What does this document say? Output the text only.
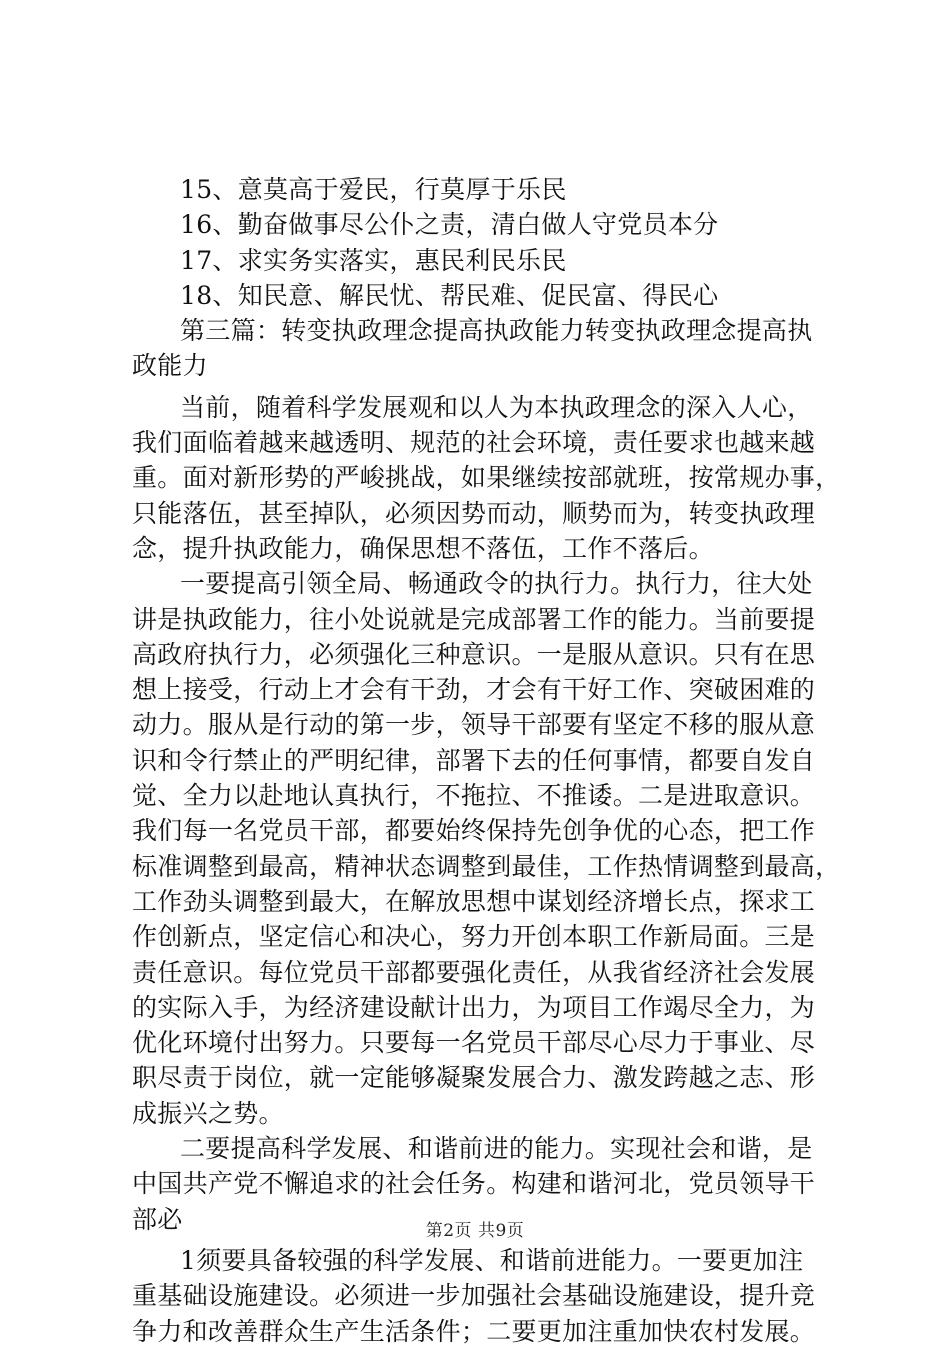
15、意莫高于爱民，行莫厚于乐民
16、勤奋做事尽公仆之责，清白做人守党员本分
17、求实务实落实，惠民利民乐民
18、知民意、解民忧、帮民难、促民富、得民心
第三篇：转变执政理念提高执政能力转变执政理念提高执
政能力
当前，随着科学发展观和以人为本执政理念的深入人心，
我们面临着越来越透明、规范的社会环境，责任要求也越来越
重。面对新形势的严峻挑战，如果继续按部就班，按常规办事，
只能落伍，甚至掉队，必须因势而动，顺势而为，转变执政理
念，提升执政能力，确保思想不落伍，工作不落后。
一要提高引领全局、畅通政令的执行力。执行力，往大处
讲是执政能力，往小处说就是完成部署工作的能力。当前要提
高政府执行力，必须强化三种意识。一是服从意识。只有在思
想上接受，行动上才会有干劲，才会有干好工作、突破困难的
动力。服从是行动的第一步，领导干部要有坚定不移的服从意
识和令行禁止的严明纪律，部署下去的任何事情，都要自发自
觉、全力以赴地认真执行，不拖拉、不推诿。二是进取意识。
我们每一名党员干部，都要始终保持先创争优的心态，把工作
标准调整到最高，精神状态调整到最佳，工作热情调整到最高，
工作劲头调整到最大，在解放思想中谋划经济增长点，探求工
作创新点，坚定信心和决心，努力开创本职工作新局面。三是
责任意识。每位党员干部都要强化责任，从我省经济社会发展
的实际入手，为经济建设献计出力，为项目工作竭尽全力，为
优化环境付出努力。只要每一名党员干部尽心尽力于事业、尽
职尽责于岗位，就一定能够凝聚发展合力、激发跨越之志、形
成振兴之势。
二要提高科学发展、和谐前进的能力。实现社会和谐，是
中国共产党不懈追求的社会任务。构建和谐河北，党员领导干
部必
1须要具备较强的科学发展、和谐前进能力。一要更加注
重基础设施建设。必须进一步加强社会基础设施建设，提升竞
争力和改善群众生产生活条件；二要更加注重加快农村发展。
第2页 共9页
